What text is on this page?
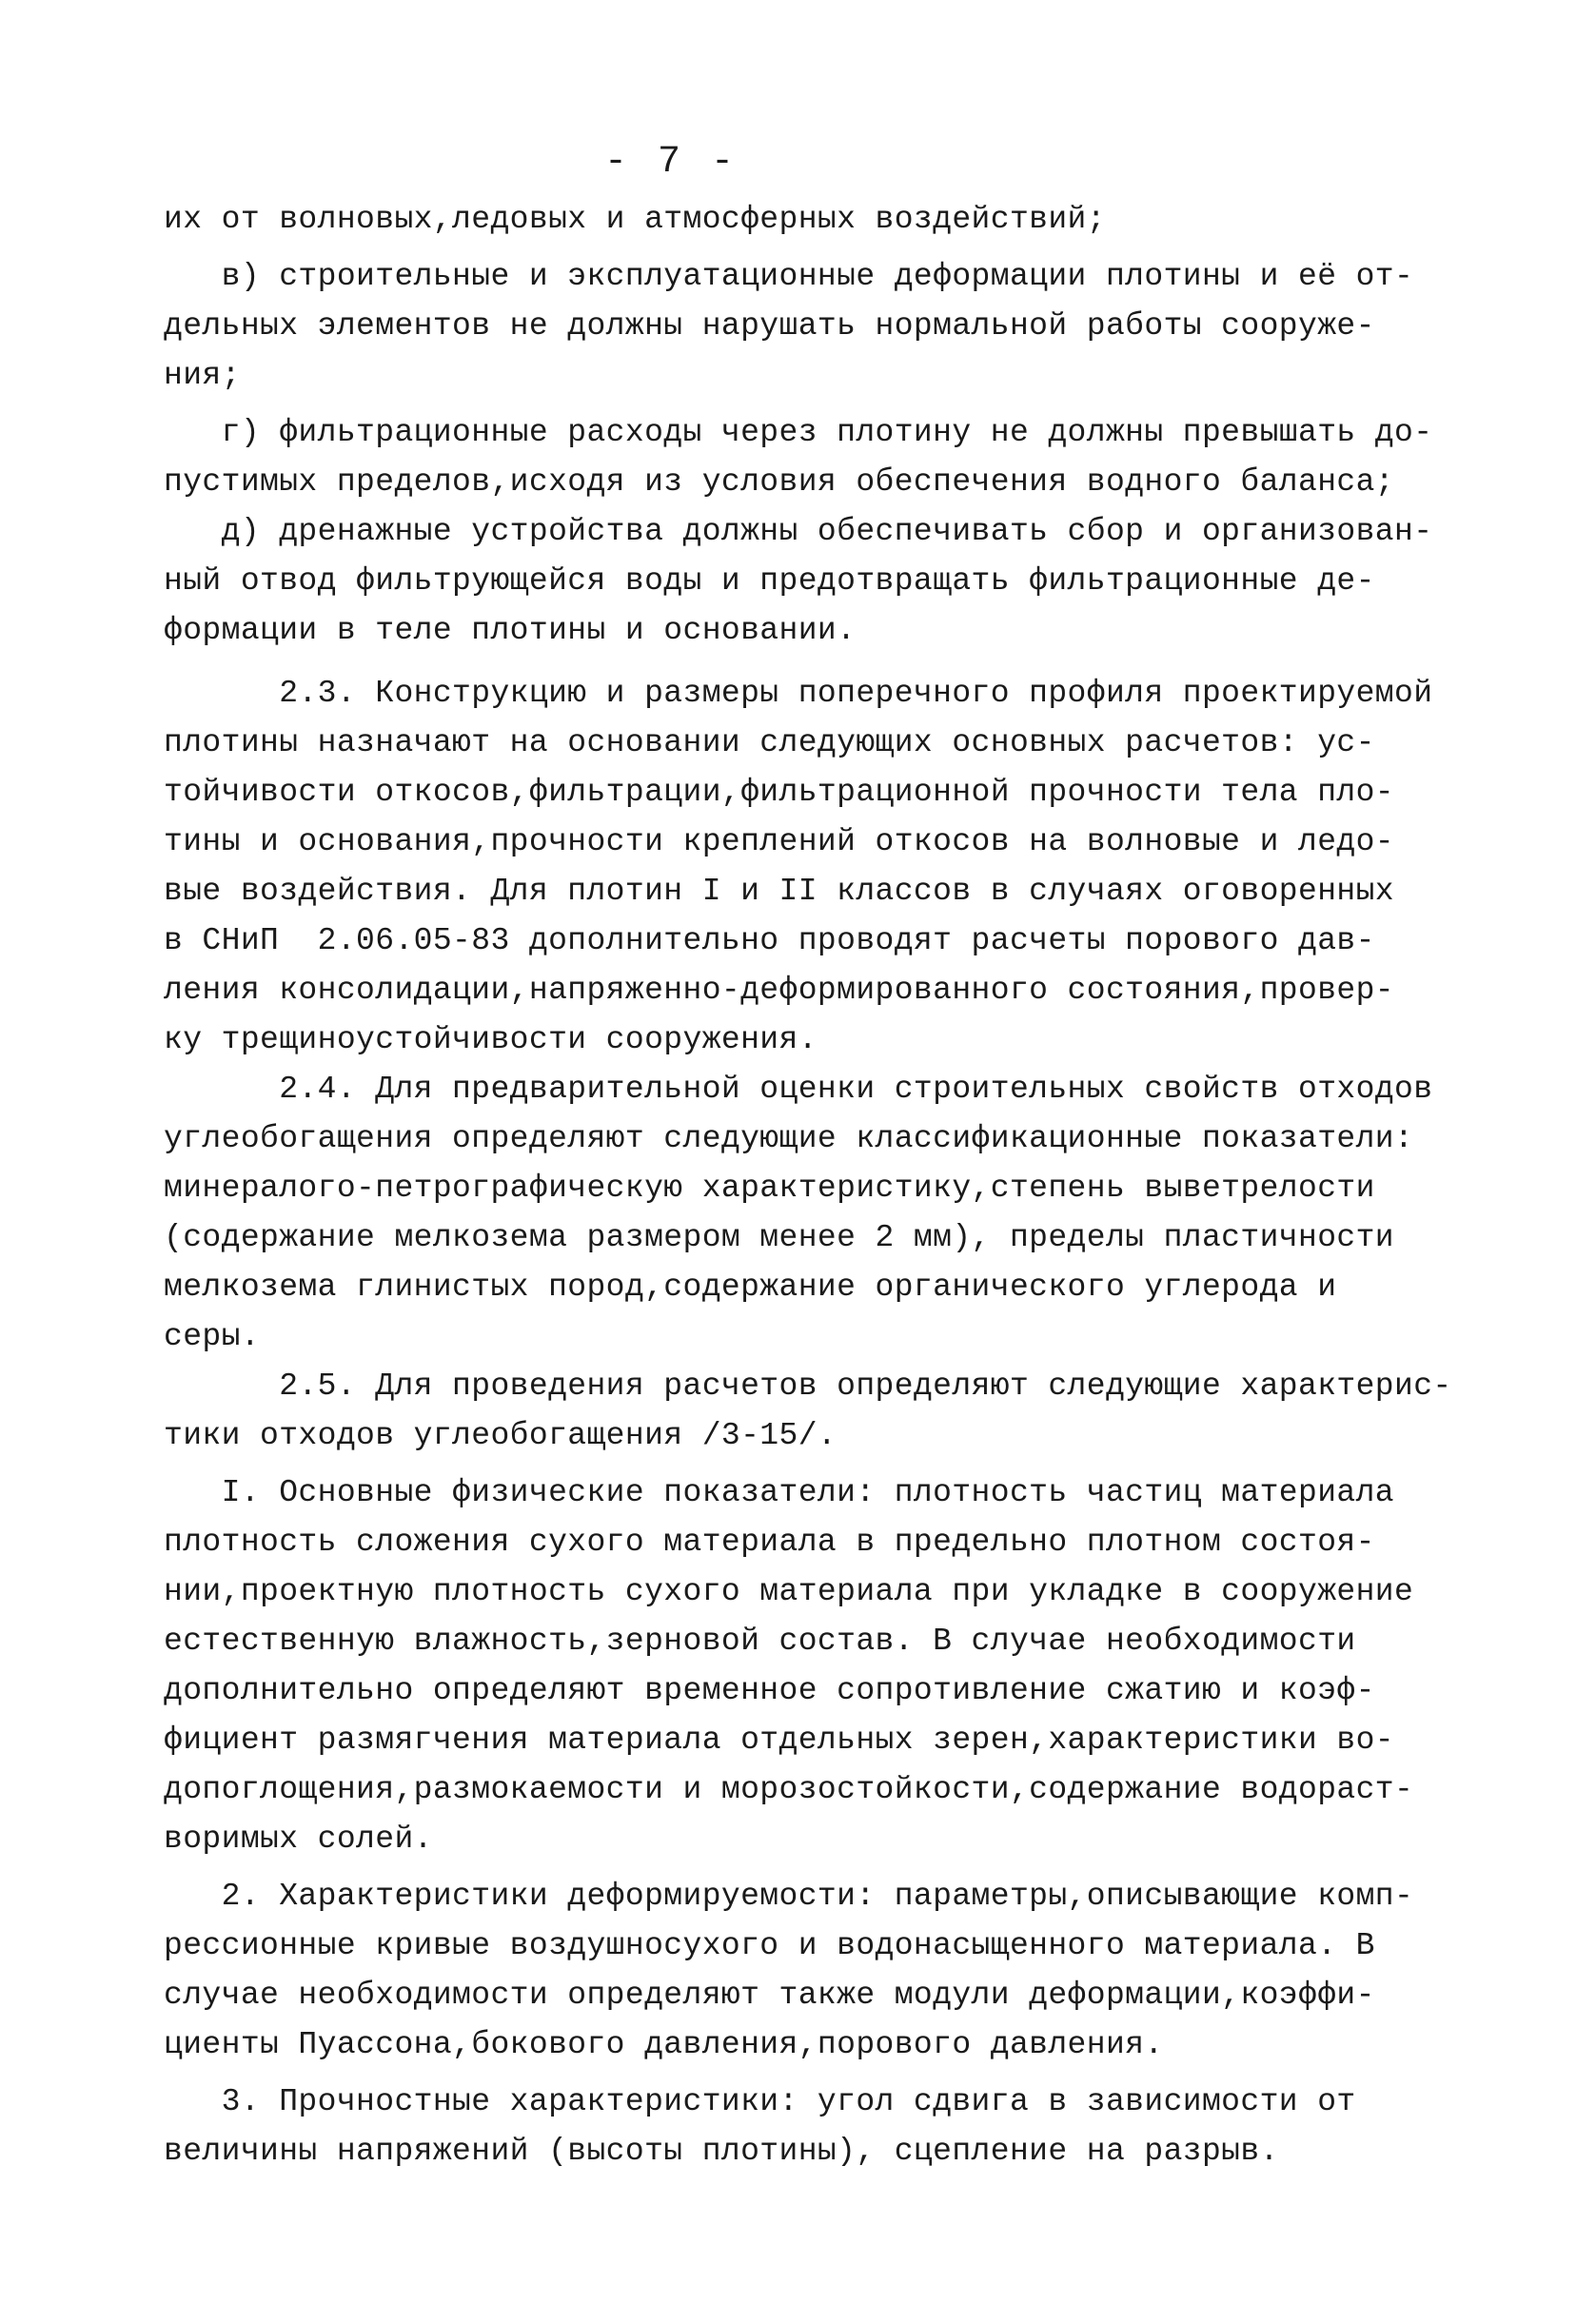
- 7 -
их от волновых,ледовых и атмосферных воздействий;
в) строительные и эксплуатационные деформации плотины и её от-
дельных элементов не должны нарушать нормальной работы сооруже-
ния;
г) фильтрационные расходы через плотину не должны превышать до-
пустимых пределов,исходя из условия обеспечения водного баланса;
д) дренажные устройства должны обеспечивать сбор и организован-
ный отвод фильтрующейся воды и предотвращать фильтрационные де-
формации в теле плотины и основании.
2.3. Конструкцию и размеры поперечного профиля проектируемой
плотины назначают на основании следующих основных расчетов: ус-
тойчивости откосов,фильтрации,фильтрационной прочности тела пло-
тины и основания,прочности креплений откосов на волновые и ледо-
вые воздействия. Для плотин I и II классов в случаях оговоренных
в СНиП  2.06.05-83 дополнительно проводят расчеты порового дав-
ления консолидации,напряженно-деформированного состояния,провер-
ку трещиноустойчивости сооружения.
2.4. Для предварительной оценки строительных свойств отходов
углеобогащения определяют следующие классификационные показатели:
минералого-петрографическую характеристику,степень выветрелости
(содержание мелкозема размером менее 2 мм), пределы пластичности
мелкозема глинистых пород,содержание органического углерода и
серы.
2.5. Для проведения расчетов определяют следующие характерис-
тики отходов углеобогащения /3-15/.
I. Основные физические показатели: плотность частиц материала
плотность сложения сухого материала в предельно плотном состоя-
нии,проектную плотность сухого материала при укладке в сооружение
естественную влажность,зерновой состав. В случае необходимости
дополнительно определяют временное сопротивление сжатию и коэф-
фициент размягчения материала отдельных зерен,характеристики во-
допоглощения,размокаемости и морозостойкости,содержание водораст-
воримых солей.
2. Характеристики деформируемости: параметры,описывающие комп-
рессионные кривые воздушносухого и водонасыщенного материала. В
случае необходимости определяют также модули деформации,коэффи-
циенты Пуассона,бокового давления,порового давления.
3. Прочностные характеристики: угол сдвига в зависимости от
величины напряжений (высоты плотины), сцепление на разрыв.
